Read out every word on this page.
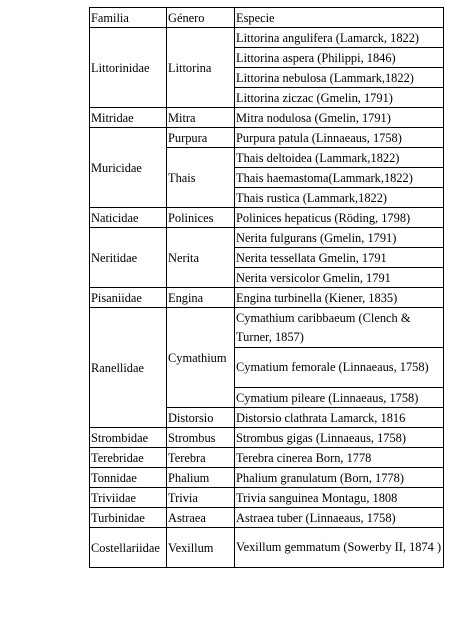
Familia	Género	Especie
Littorinidae	Littorina	Littorina angulifera (Lamarck, 1822)
		Littorina aspera (Philippi, 1846)
		Littorina nebulosa (Lammark,1822)
		Littorina ziczac (Gmelin, 1791)
Mitridae	Mitra	Mitra nodulosa (Gmelin, 1791)
Muricidae	Purpura	Purpura patula (Linnaeaus, 1758)
	Thais	Thais deltoidea (Lammark,1822)
		Thais haemastoma(Lammark,1822)
		Thais rustica (Lammark,1822)
Naticidae	Polinices	Polinices hepaticus (Röding, 1798)
Neritidae	Nerita	Nerita fulgurans (Gmelin, 1791)
		Nerita tessellata Gmelin, 1791
		Nerita versicolor Gmelin, 1791
Pisaniidae	Engina	Engina turbinella (Kiener, 1835)
Ranellidae	Cymathium	Cymathium caribbaeum (Clench & Turner, 1857)
		Cymatium femorale (Linnaeaus, 1758)
		Cymatium pileare (Linnaeaus, 1758)
	Distorsio	Distorsio clathrata Lamarck, 1816
Strombidae	Strombus	Strombus gigas (Linnaeaus, 1758)
Terebridae	Terebra	Terebra cinerea Born, 1778
Tonnidae	Phalium	Phalium granulatum (Born, 1778)
Triviidae	Trivia	Trivia sanguinea Montagu, 1808
Turbinidae	Astraea	Astraea tuber (Linnaeaus, 1758)
Costellariidae	Vexillum	Vexillum gemmatum (Sowerby II, 1874 )
